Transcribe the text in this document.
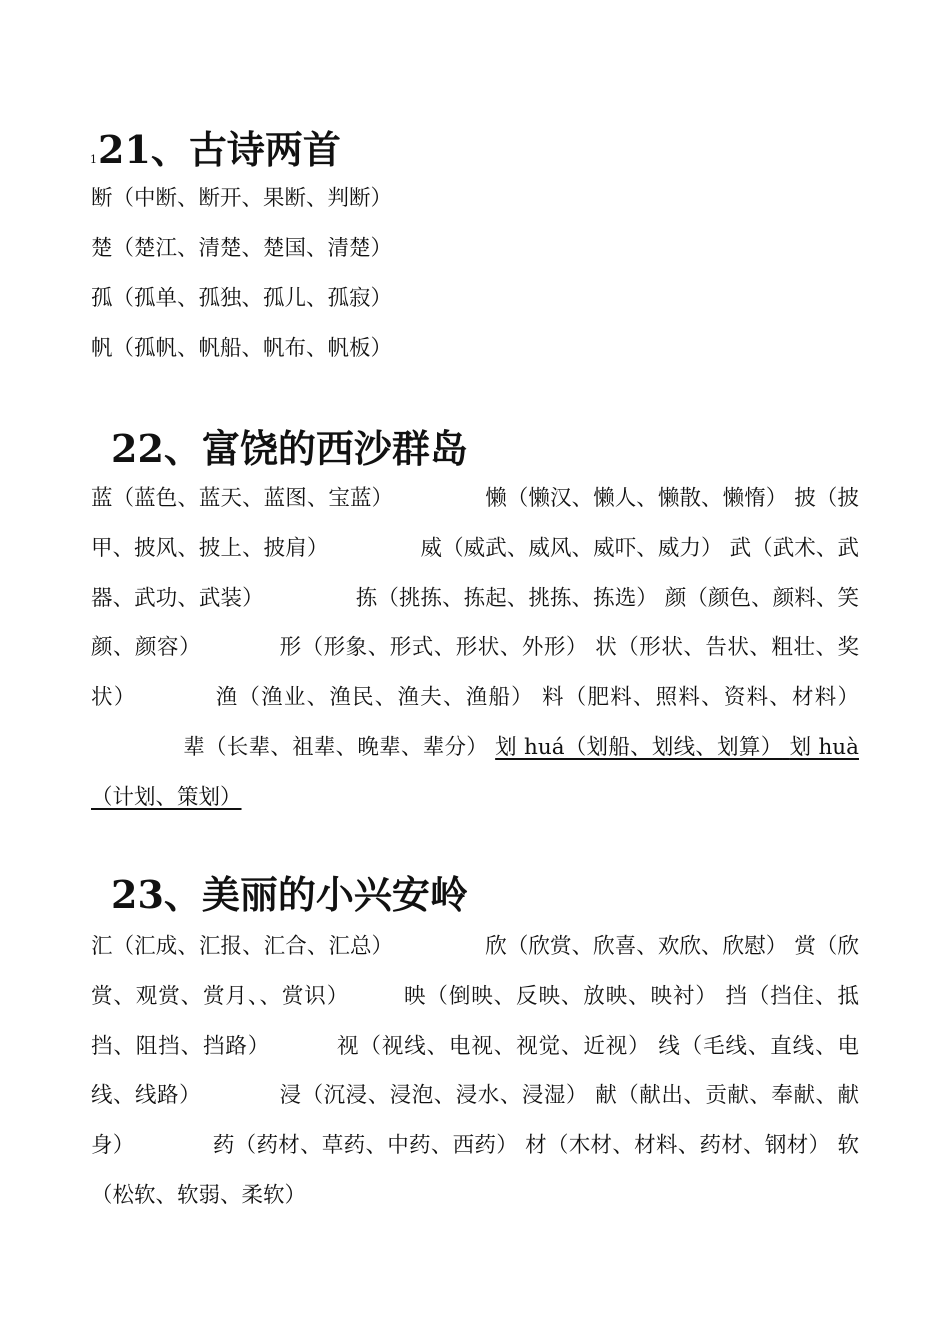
121、古诗两首
断（中断、断开、果断、判断）
楚（楚江、清楚、楚国、清楚）
孤（孤单、孤独、孤儿、孤寂）
帆（孤帆、帆船、帆布、帆板）
22、富饶的西沙群岛
蓝（蓝色、蓝天、蓝图、宝蓝）	懒（懒汉、懒人、懒散、懒惰） 披（披甲、披风、披上、披肩）	威（威武、威风、威吓、威力） 武（武术、武器、武功、武装）	拣（挑拣、拣起、挑拣、拣选） 颜（颜色、颜料、笑颜、颜容）	形（形象、形式、形状、外形） 状（形状、告状、粗壮、奖状）	渔（渔业、渔民、渔夫、渔船） 料（肥料、照料、资料、材料）辈（长辈、祖辈、晚辈、辈分） 划 huá（划船、划线、划算） 划 huà（计划、策划）
23、美丽的小兴安岭
汇（汇成、汇报、汇合、汇总）	欣（欣赏、欣喜、欢欣、欣慰） 赏（欣赏、观赏、赏月、、赏识）	映（倒映、反映、放映、映衬） 挡（挡住、抵挡、阻挡、挡路）	视（视线、电视、视觉、近视） 线（毛线、直线、电线、线路）	浸（沉浸、浸泡、浸水、浸湿） 献（献出、贡献、奉献、献身）	药（药材、草药、中药、西药） 材（木材、材料、药材、钢材） 软（松软、软弱、柔软）
